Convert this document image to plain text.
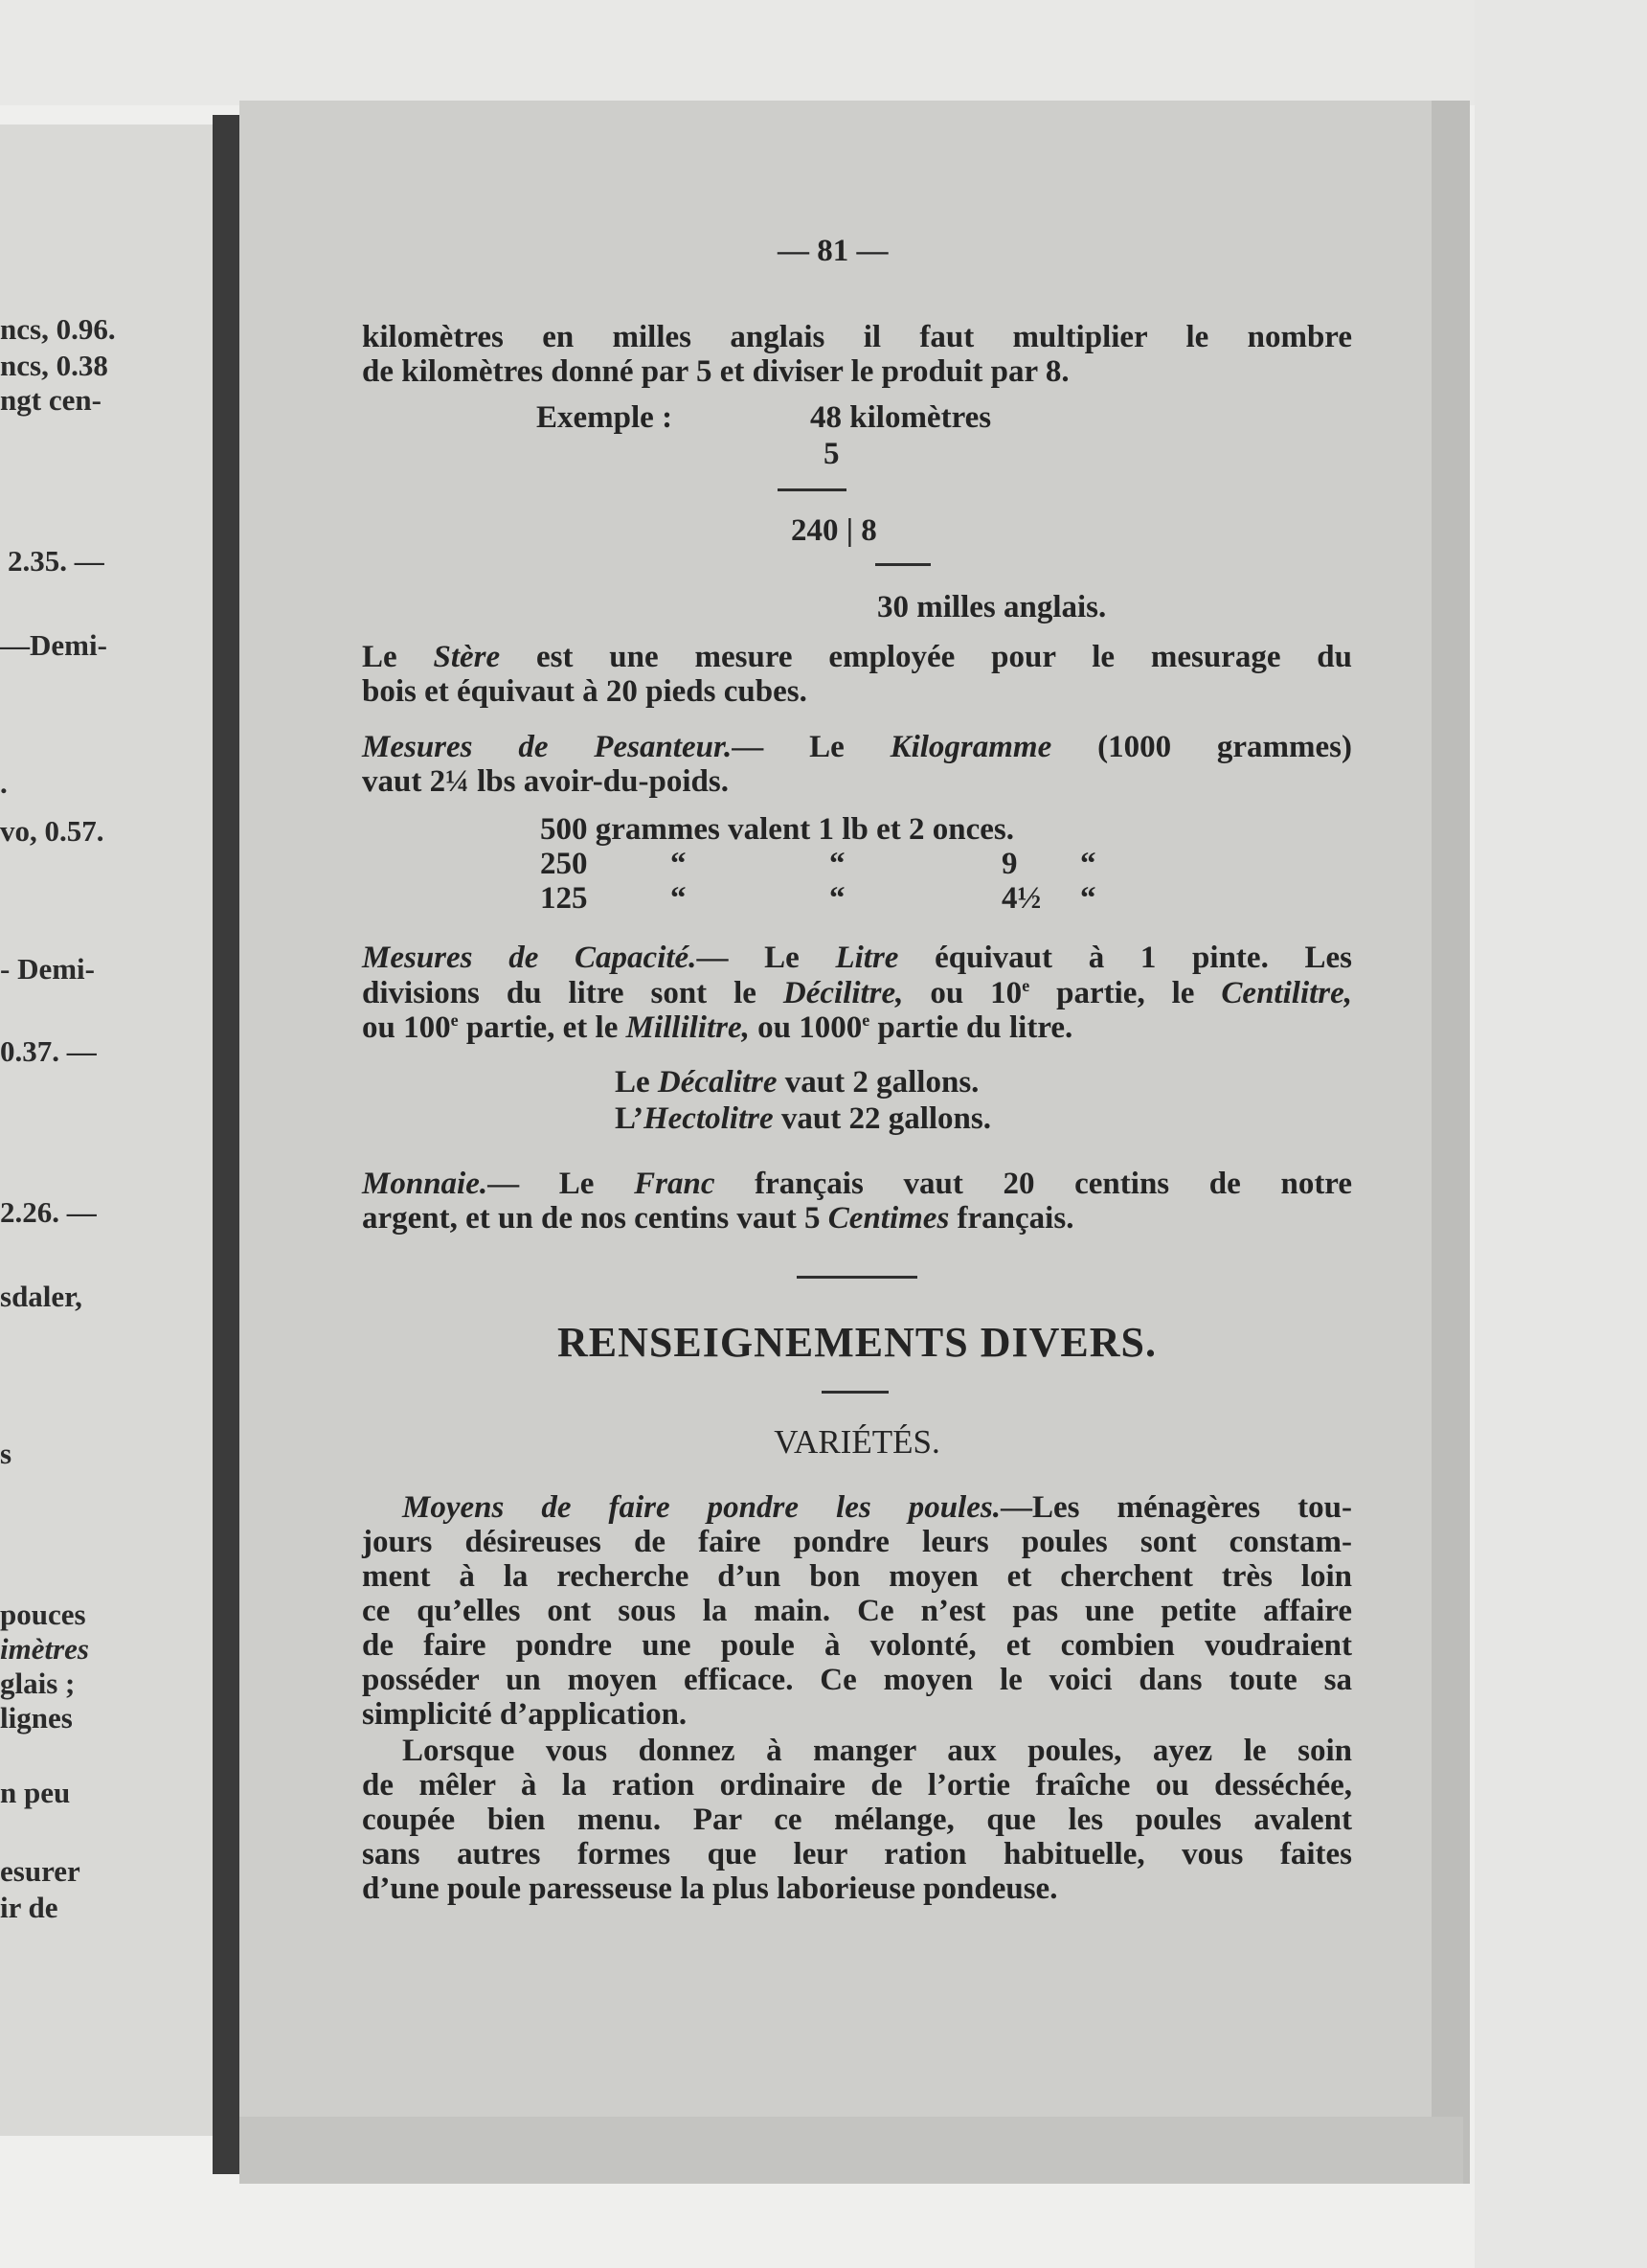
ncs, 0.96.
ncs, 0.38
ngt cen-
2.35. —
—Demi-
.
vo, 0.57.
- Demi-
0.37. —
2.26. —
sdaler,
s
pouces
imètres
glais ;
lignes
n peu
esurer
ir de
— 81 —
kilomètres en milles anglais il faut multiplier le nombre
de kilomètres donné par 5 et diviser le produit par 8.
Exemple :	48 kilomètres
5
240 | 8
30 milles anglais.
Le Stère est une mesure employée pour le mesurage du
bois et équivaut à 20 pieds cubes.
Mesures de Pesanteur.— Le Kilogramme (1000 grammes)
vaut 2¼ lbs avoir-du-poids.
500 grammes valent 1 lb et 2 onces.
250	“	“	9 “
125	“	“	4½ “
Mesures de Capacité.— Le Litre équivaut à 1 pinte. Les
divisions du litre sont le Décilitre, ou 10e partie, le Centilitre,
ou 100e partie, et le Millilitre, ou 1000e partie du litre.
Le Décalitre vaut 2 gallons.
L’Hectolitre vaut 22 gallons.
Monnaie.— Le Franc français vaut 20 centins de notre
argent, et un de nos centins vaut 5 Centimes français.
RENSEIGNEMENTS DIVERS.
VARIÉTÉS.
Moyens de faire pondre les poules.—Les ménagères tou-
jours désireuses de faire pondre leurs poules sont constam-
ment à la recherche d’un bon moyen et cherchent très loin
ce qu’elles ont sous la main. Ce n’est pas une petite affaire
de faire pondre une poule à volonté, et combien voudraient
posséder un moyen efficace. Ce moyen le voici dans toute sa
simplicité d’application.
Lorsque vous donnez à manger aux poules, ayez le soin
de mêler à la ration ordinaire de l’ortie fraîche ou desséchée,
coupée bien menu. Par ce mélange, que les poules avalent
sans autres formes que leur ration habituelle, vous faites
d’une poule paresseuse la plus laborieuse pondeuse.
